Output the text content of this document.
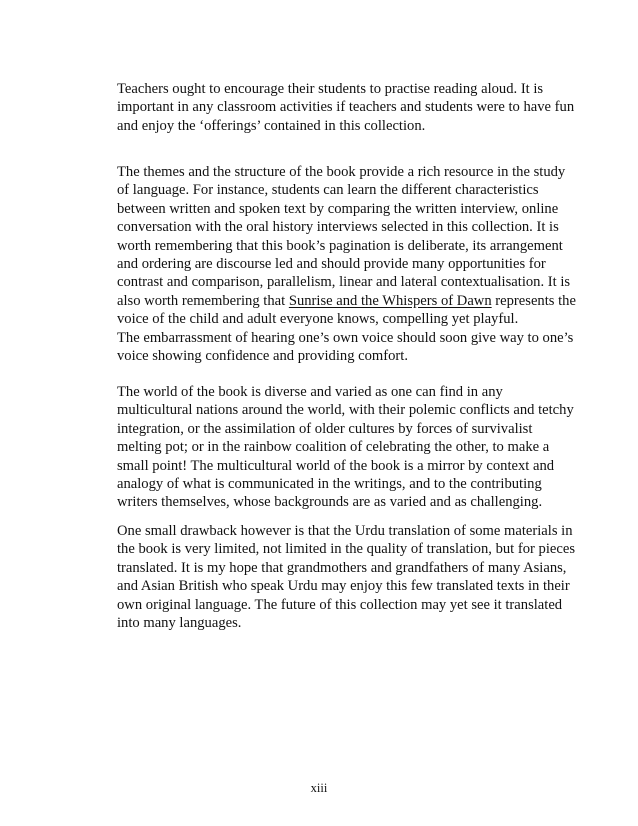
Teachers ought to encourage their students to practise reading aloud. It is
important in any classroom activities if teachers and students were to have fun
and enjoy the ‘offerings’ contained in this collection.

The themes and the structure of the book provide a rich resource in the study
of language. For instance, students can learn the different characteristics
between written and spoken text by comparing the written interview, online
conversation with the oral history interviews selected in this collection. It is
worth remembering that this book’s pagination is deliberate, its arrangement
and ordering are discourse led and should provide many opportunities for
contrast and comparison, parallelism, linear and lateral contextualisation. It is
also worth remembering that Sunrise and the Whispers of Dawn represents the
voice of the child and adult everyone knows, compelling yet playful.
The embarrassment of hearing one’s own voice should soon give way to one’s
voice showing confidence and providing comfort.

The world of the book is diverse and varied as one can find in any
multicultural nations around the world, with their polemic conflicts and tetchy
integration, or the assimilation of older cultures by forces of survivalist
melting pot; or in the rainbow coalition of celebrating the other, to make a
small point! The multicultural world of the book is a mirror by context and
analogy of what is communicated in the writings, and to the contributing
writers themselves, whose backgrounds are as varied and as challenging.

One small drawback however is that the Urdu translation of some materials in
the book is very limited, not limited in the quality of translation, but for pieces
translated. It is my hope that grandmothers and grandfathers of many Asians,
and Asian British who speak Urdu may enjoy this few translated texts in their
own original language. The future of this collection may yet see it translated
into many languages.

xiii
